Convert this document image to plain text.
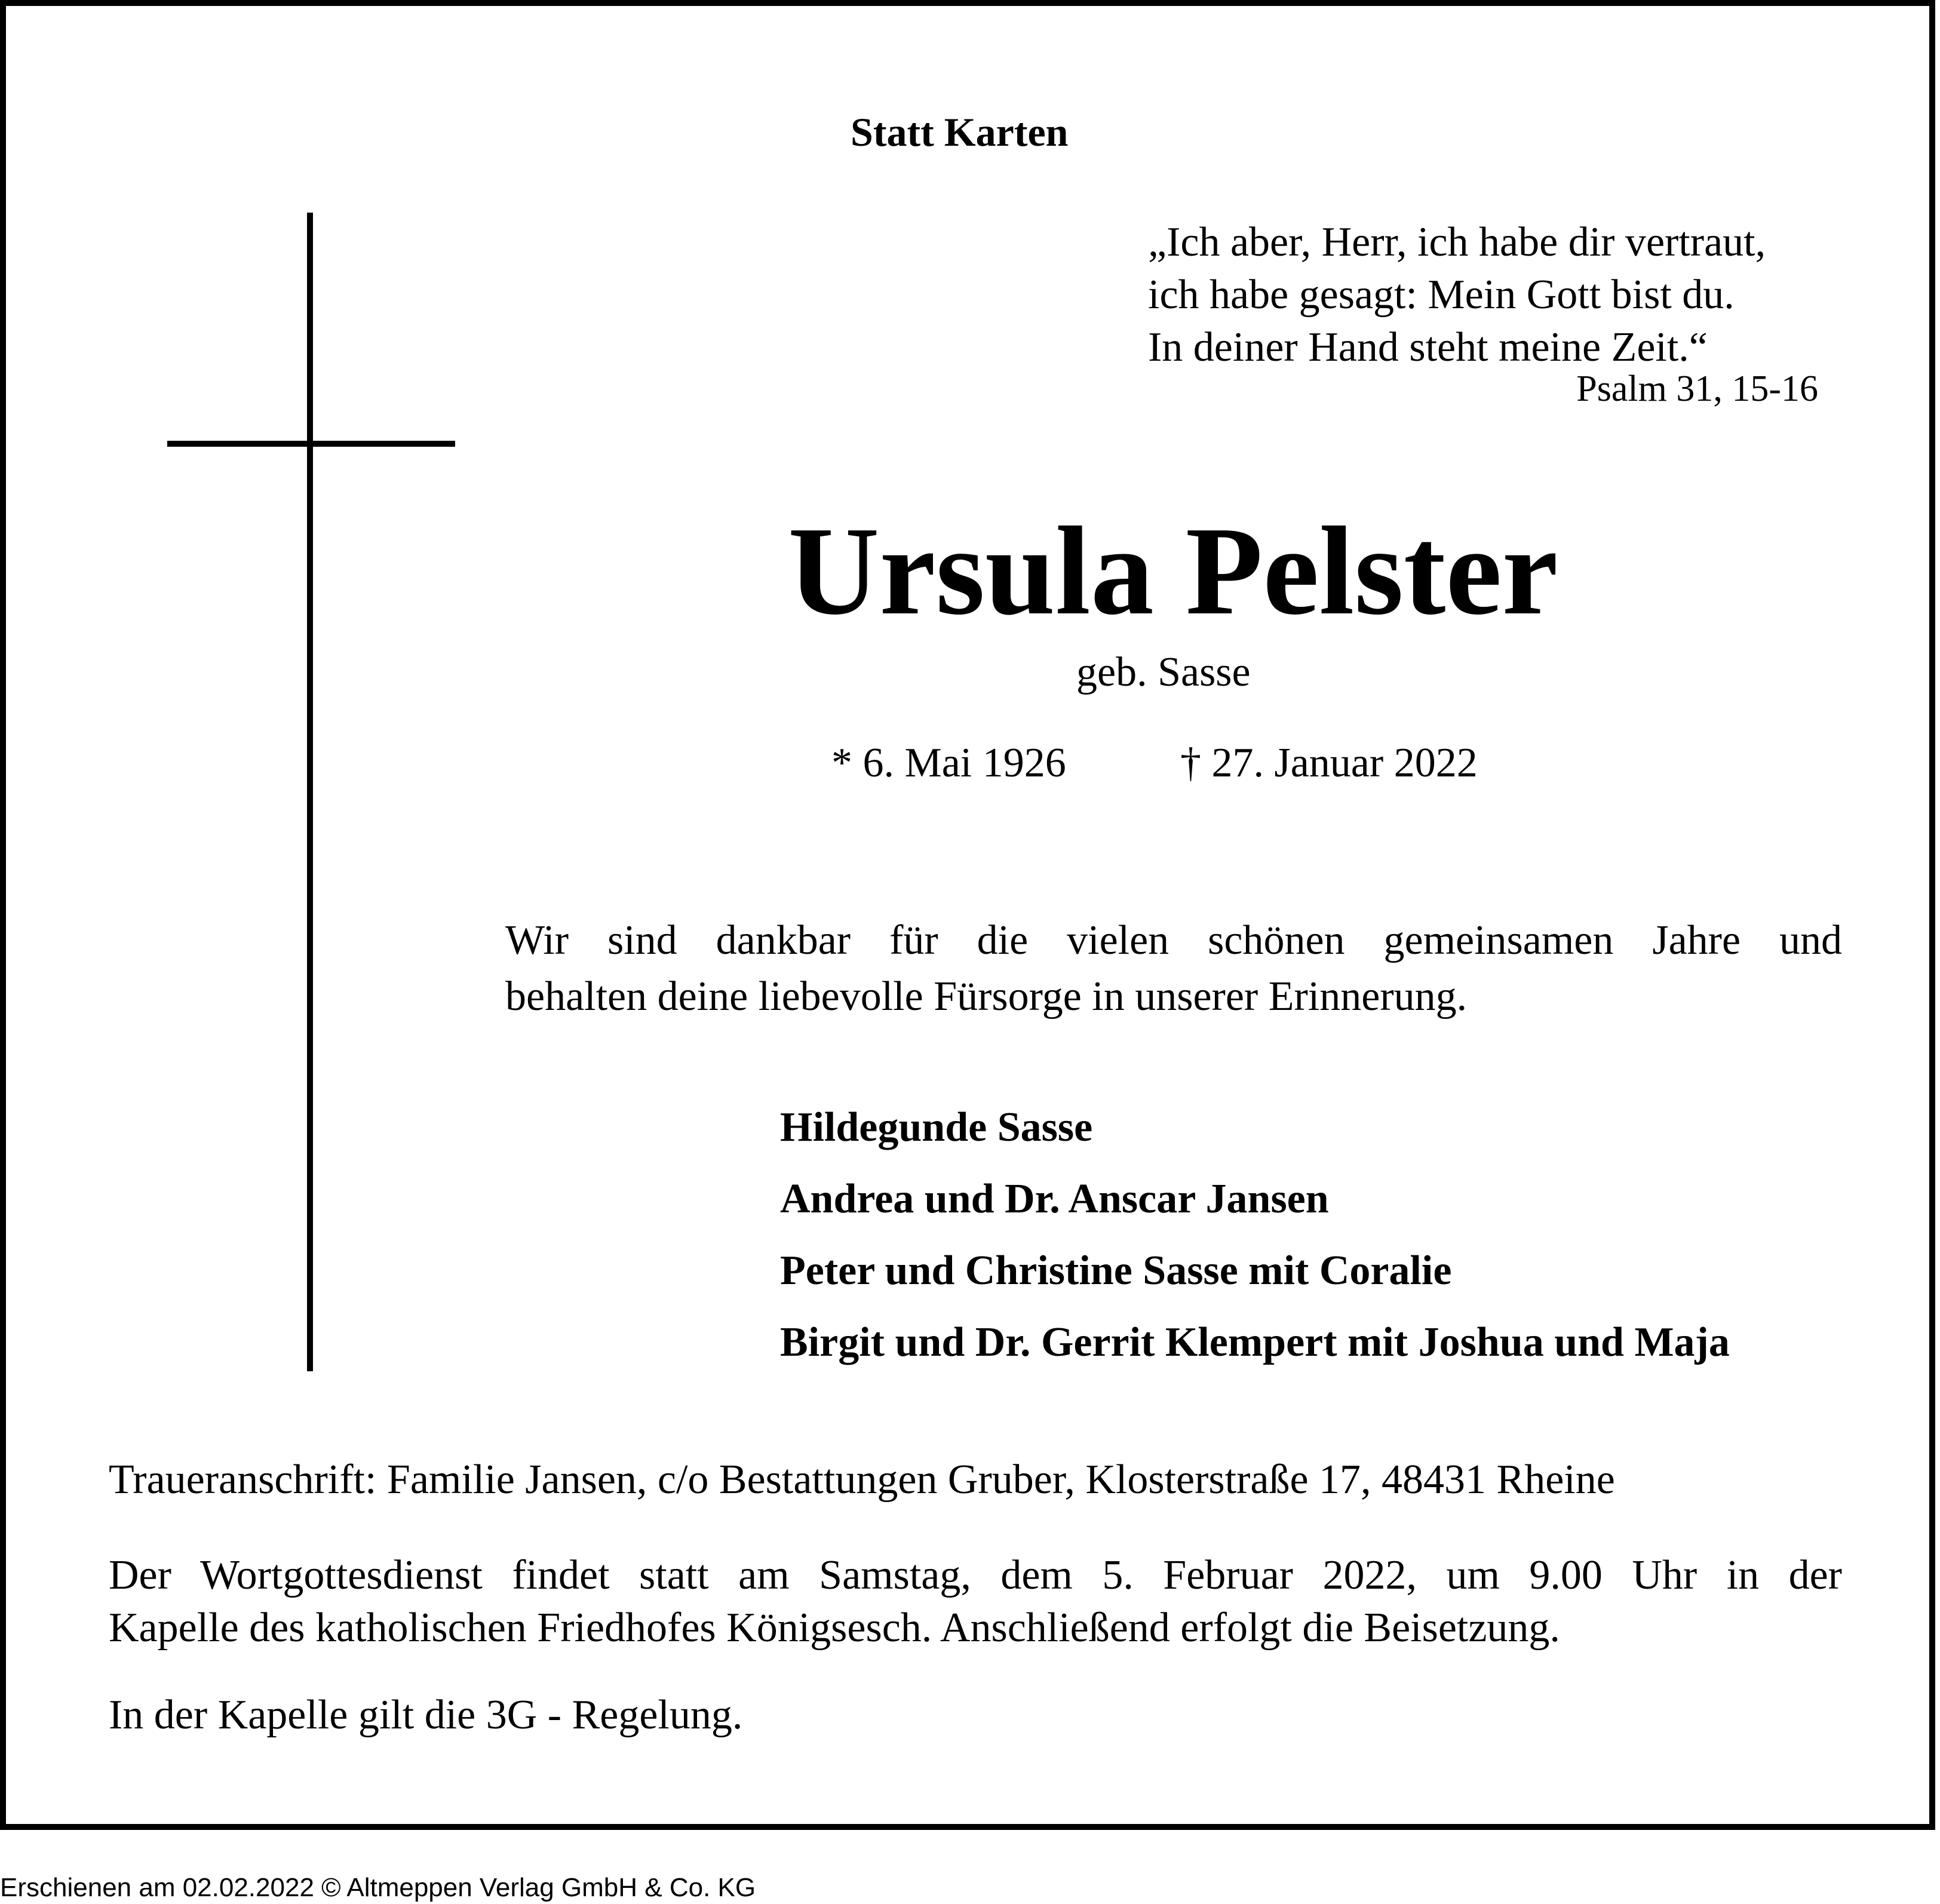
Statt Karten
„Ich aber, Herr, ich habe dir vertraut,
ich habe gesagt: Mein Gott bist du.
In deiner Hand steht meine Zeit.“
Psalm 31, 15-16
Ursula Pelster
geb. Sasse
* 6. Mai 1926	† 27. Januar 2022
Wir sind dankbar für die vielen schönen gemeinsamen Jahre und
behalten deine liebevolle Fürsorge in unserer Erinnerung.
Hildegunde Sasse
Andrea und Dr. Anscar Jansen
Peter und Christine Sasse mit Coralie
Birgit und Dr. Gerrit Klempert mit Joshua und Maja
Traueranschrift: Familie Jansen, c/o Bestattungen Gruber, Klosterstraße 17, 48431 Rheine
Der Wortgottesdienst findet statt am Samstag, dem 5. Februar 2022, um 9.00 Uhr in der
Kapelle des katholischen Friedhofes Königsesch. Anschließend erfolgt die Beisetzung.
In der Kapelle gilt die 3G - Regelung.
Erschienen am 02.02.2022 © Altmeppen Verlag GmbH & Co. KG
